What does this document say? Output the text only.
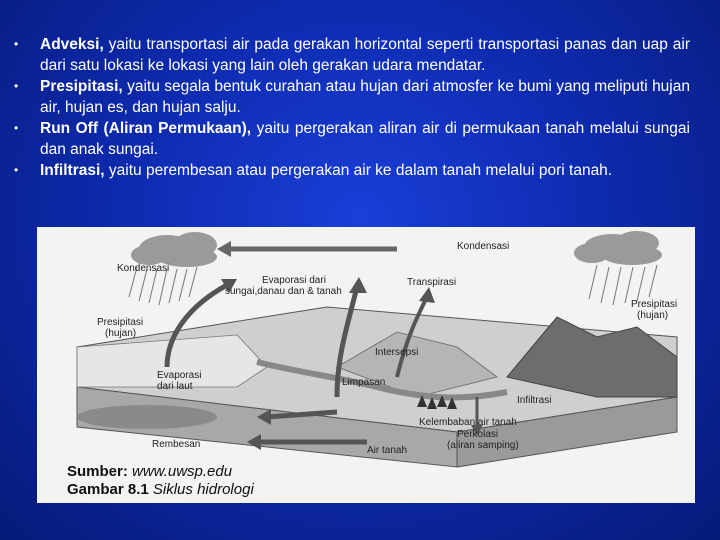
• Adveksi, yaitu transportasi air pada gerakan horizontal seperti transportasi panas dan uap air dari satu lokasi ke lokasi yang lain oleh gerakan udara mendatar.
• Presipitasi, yaitu segala bentuk curahan atau hujan dari atmosfer ke bumi yang meliputi hujan air, hujan es, dan hujan salju.
• Run Off (Aliran Permukaan), yaitu pergerakan aliran air di permukaan tanah melalui sungai dan anak sungai.
• Infiltrasi, yaitu perembesan atau pergerakan air ke dalam tanah melalui pori tanah.
Kondensasi
Kondensasi
Evaporasi dari
sungai,danau dan & tanah
Transpirasi
Presipitasi
(hujan)
Presipitasi
(hujan)
Intersepsi
Evaporasi
dari laut	Limpasan
Infiltrasi
Kelembaban air tanah
Perkolasi
(aliran samping)
Rembesan
Air tanah
Sumber: www.uwsp.edu
Gambar 8.1 Siklus hidrologi
